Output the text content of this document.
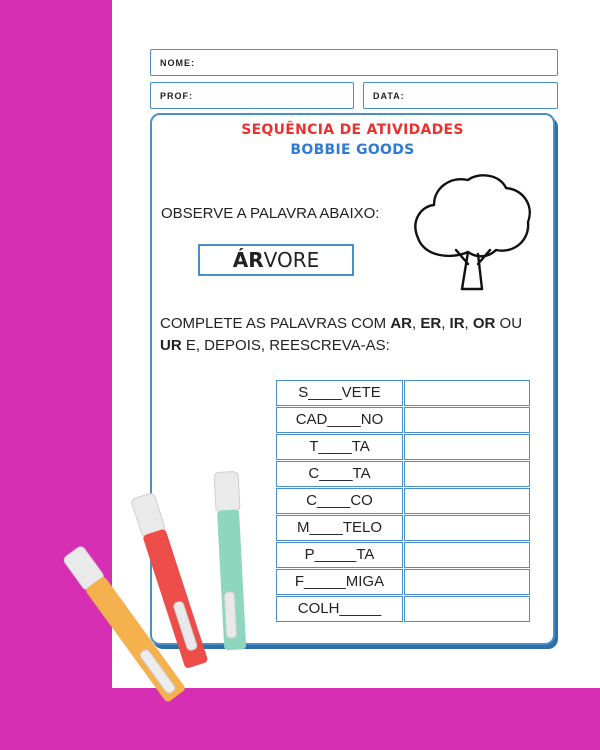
NOME:
PROF:	DATA:
SEQUÊNCIA DE ATIVIDADES
BOBBIE GOODS
OBSERVE A PALAVRA ABAIXO:
ÁRVORE
COMPLETE AS PALAVRAS COM AR, ER, IR, OR OU
UR E, DEPOIS, REESCREVA-AS:
S____VETE
CAD____NO
T____TA
C____TA
C____CO
M____TELO
P_____TA
F_____MIGA
COLH_____
